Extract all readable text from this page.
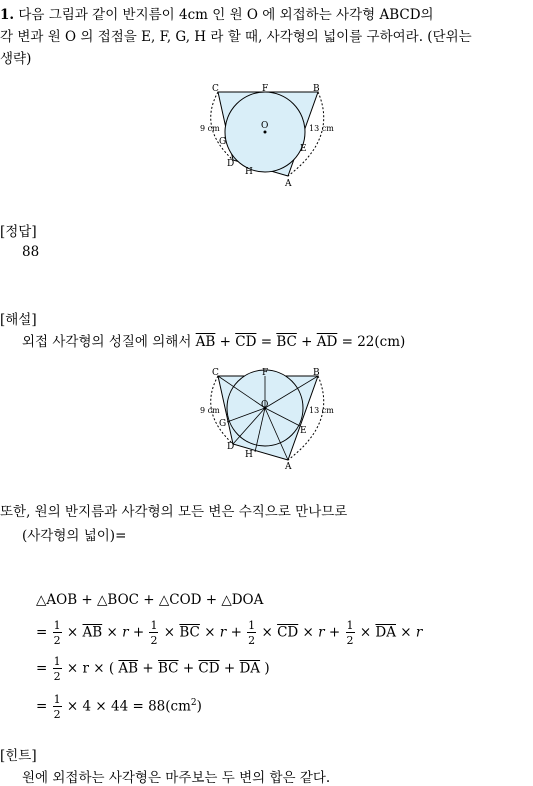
1. 다음 그림과 같이 반지름이 4cm 인 원 O 에 외접하는 사각형 ABCD의
각 변과 원 O 의 접점을 E, F, G, H 라 할 때, 사각형의 넓이를 구하여라. (단위는
생략)
C	F	B
O
9 cm	13 cm
G
E
D
H
A
[정답]
88
[해설]
외접 사각형의 성질에 의해서 $\overline{AB} + \overline{CD} = \overline{BC} + \overline{AD} = 22(cm)$
C	F	B
O
9 cm	13 cm
G
E
D
H
A
또한, 원의 반지름과 사각형의 모든 변은 수직으로 만나므로
(사각형의 넓이)=
△AOB + △BOC + △COD + △DOA
= $\frac{1}{2} \times \overline{AB} \times r + \frac{1}{2} \times \overline{BC} \times r + \frac{1}{2} \times \overline{CD} \times r + \frac{1}{2} \times \overline{DA} \times r$
= $\frac{1}{2} \times r$ × ( $\overline{AB} + \overline{BC} + \overline{CD} + \overline{DA}$ )
= $\frac{1}{2} \times 4 \times 44 = 88(cm^2)$
[힌트]
원에 외접하는 사각형은 마주보는 두 변의 합은 같다.
